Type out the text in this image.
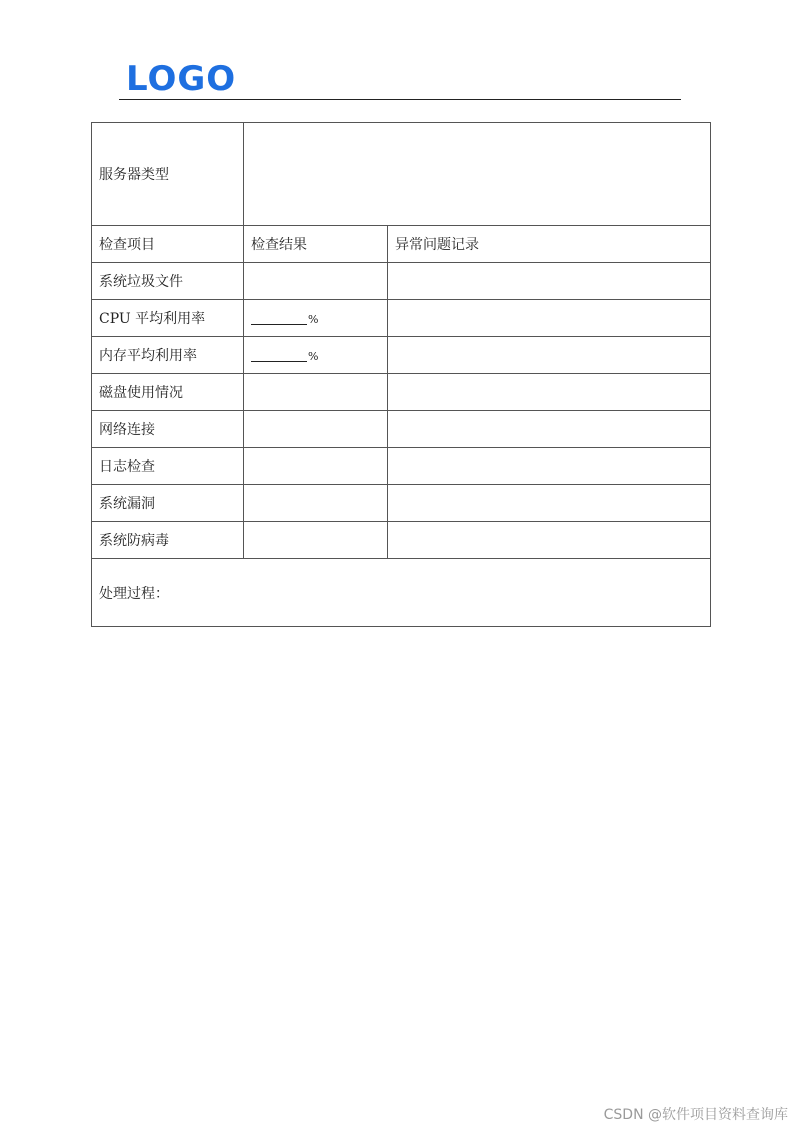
LOGO
服务器类型		
检查项目	检查结果	异常问题记录
系统垃圾文件		
CPU 平均利用率	%	
内存平均利用率	%	
磁盘使用情况		
网络连接		
日志检查		
系统漏洞		
系统防病毒		
处理过程：		
CSDN @软件项目资料查询库
